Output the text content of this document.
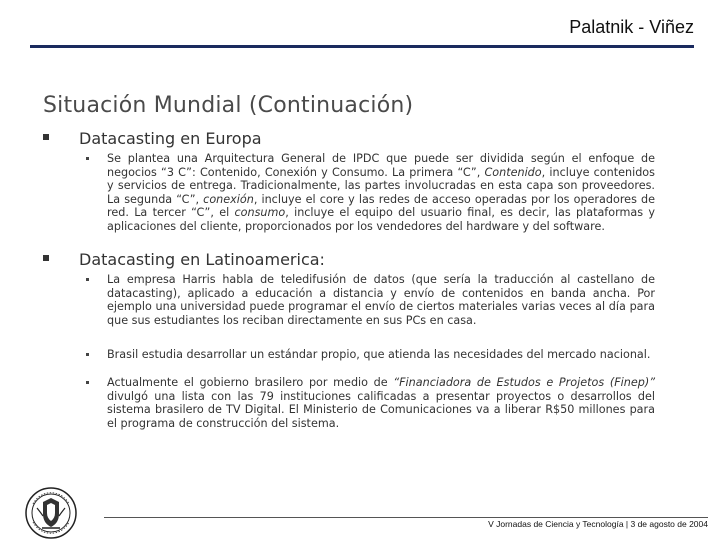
Palatnik - Viñez
Situación Mundial (Continuación)
Datacasting en Europa
Se plantea una Arquitectura General de IPDC que puede ser dividida según el enfoque de negocios “3 C”: Contenido, Conexión y Consumo. La primera “C”, Contenido, incluye contenidos y servicios de entrega. Tradicionalmente, las partes involucradas en esta capa son proveedores. La segunda “C”, conexión, incluye el core y las redes de acceso operadas por los operadores de red. La tercer “C”, el consumo, incluye el equipo del usuario final, es decir, las plataformas y aplicaciones del cliente, proporcionados por los vendedores del hardware y del software.
Datacasting en Latinoamerica:
La empresa Harris habla de teledifusión de datos (que sería la traducción al castellano de datacasting), aplicado a educación a distancia y envío de contenidos en banda ancha. Por ejemplo una universidad puede programar el envío de ciertos materiales varias veces al día para que sus estudiantes los reciban directamente en sus PCs en casa.
Brasil estudia desarrollar un estándar propio, que atienda las necesidades del mercado nacional.
Actualmente el gobierno brasilero por medio de “Financiadora de Estudos e Projetos (Finep)” divulgó una lista con las 79 instituciones calificadas a presentar proyectos o desarrollos del sistema brasilero de TV Digital. El Ministerio de Comunicaciones va a liberar R$50 millones para el programa de construcción del sistema.
V Jornadas de Ciencia y Tecnología | 3 de agosto de 2004
